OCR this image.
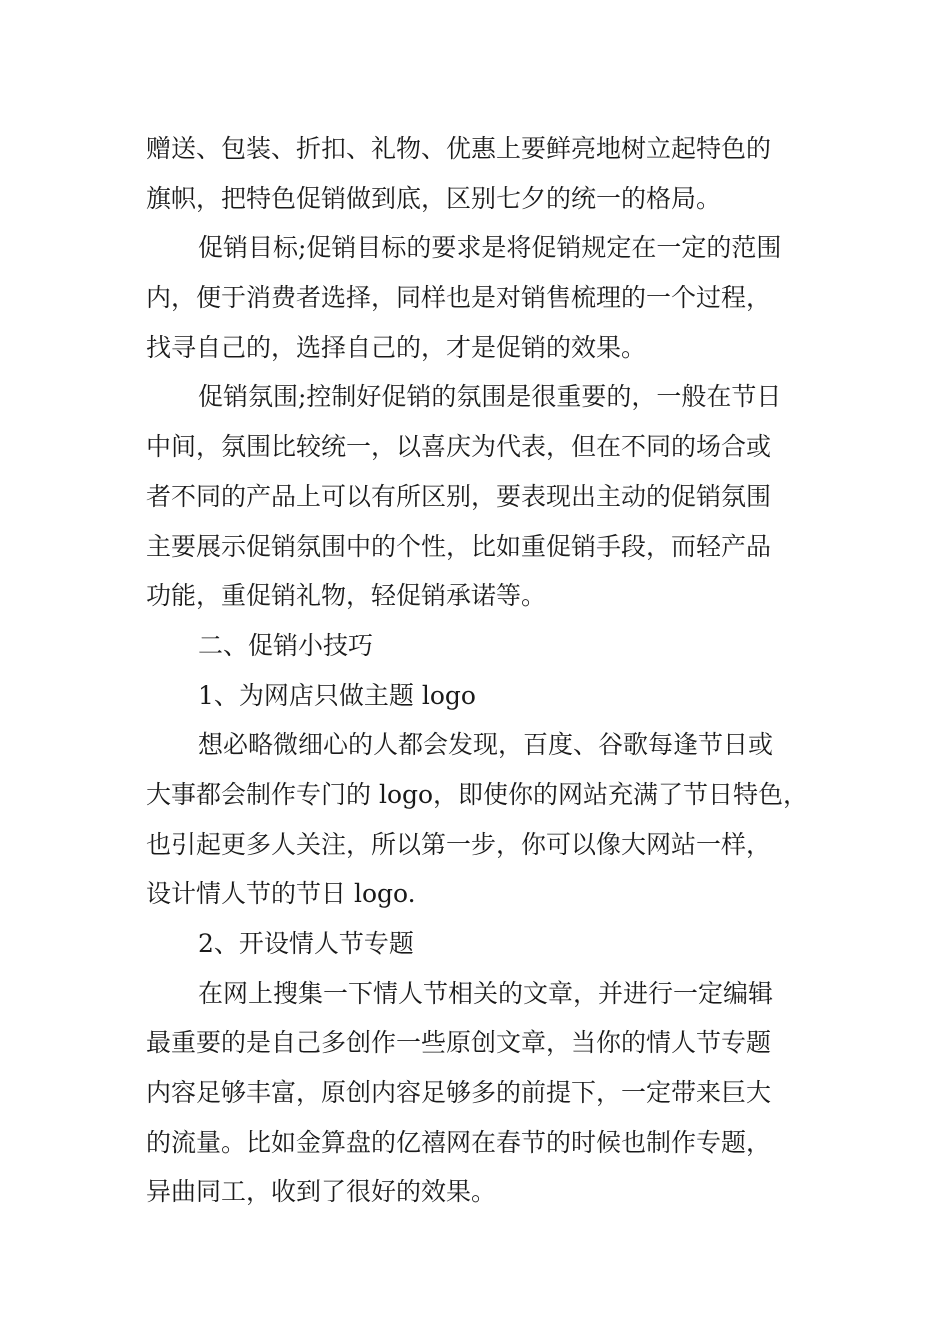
赠送、包装、折扣、礼物、优惠上要鲜亮地树立起特色的
旗帜，把特色促销做到底，区别七夕的统一的格局。
促销目标;促销目标的要求是将促销规定在一定的范围
内，便于消费者选择，同样也是对销售梳理的一个过程，
找寻自己的，选择自己的，才是促销的效果。
促销氛围;控制好促销的氛围是很重要的，一般在节日
中间，氛围比较统一，以喜庆为代表，但在不同的场合或
者不同的产品上可以有所区别，要表现出主动的促销氛围
主要展示促销氛围中的个性，比如重促销手段，而轻产品
功能，重促销礼物，轻促销承诺等。
二、促销小技巧
1、为网店只做主题 logo
想必略微细心的人都会发现，百度、谷歌每逢节日或
大事都会制作专门的 logo，即使你的网站充满了节日特色，
也引起更多人关注，所以第一步，你可以像大网站一样，
设计情人节的节日 logo.
2、开设情人节专题
在网上搜集一下情人节相关的文章，并进行一定编辑
最重要的是自己多创作一些原创文章，当你的情人节专题
内容足够丰富，原创内容足够多的前提下，一定带来巨大
的流量。比如金算盘的亿禧网在春节的时候也制作专题，
异曲同工，收到了很好的效果。
